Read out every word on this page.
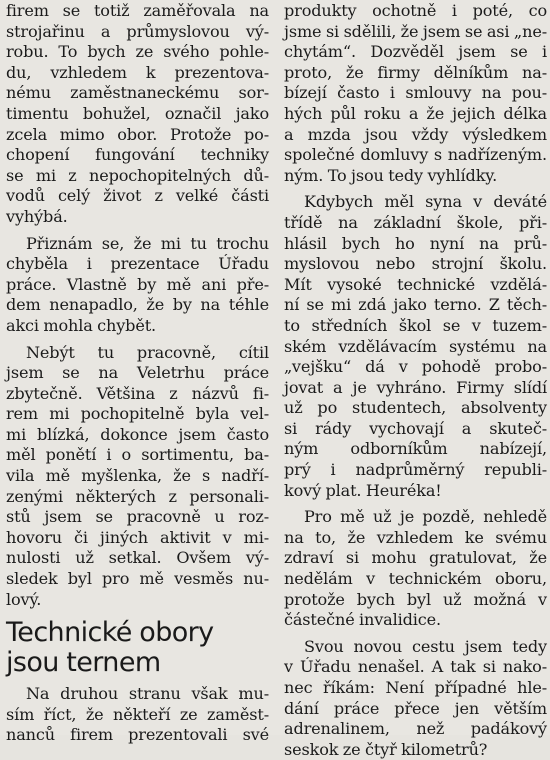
firem se totiž zaměřovala na
strojařinu a průmyslovou vý-
robu. To bych ze svého pohle-
du, vzhledem k prezentova-
nému zaměstnaneckému sor-
timentu bohužel, označil jako
zcela mimo obor. Protože po-
chopení fungování techniky
se mi z nepochopitelných dů-
vodů celý život z velké části
vyhýbá.

Přiznám se, že mi tu trochu
chyběla i prezentace Úřadu
práce. Vlastně by mě ani pře-
dem nenapadlo, že by na téhle
akci mohla chybět.

Nebýt tu pracovně, cítil
jsem se na Veletrhu práce
zbytečně. Většina z názvů fi-
rem mi pochopitelně byla vel-
mi blízká, dokonce jsem často
měl ponětí i o sortimentu, ba-
vila mě myšlenka, že s nadří-
zenými některých z personali-
stů jsem se pracovně u roz-
hovoru či jiných aktivit v mi-
nulosti už setkal. Ovšem vý-
sledek byl pro mě vesměs nu-
lový.

Technické obory
jsou ternem

Na druhou stranu však mu-
sím říct, že někteří ze zaměst-
nanců firem prezentovali své

produkty ochotně i poté, co
jsme si sdělili, že jsem se asi „ne-
chytám“. Dozvěděl jsem se i
proto, že firmy dělníkům na-
bízejí často i smlouvy na pou-
hých půl roku a že jejich délka
a mzda jsou vždy výsledkem
společné domluvy s nadřízeným.
ným. To jsou tedy vyhlídky.

Kdybych měl syna v deváté
třídě na základní škole, při-
hlásil bych ho nyní na prů-
myslovou nebo strojní školu.
Mít vysoké technické vzdělá-
ní se mi zdá jako terno. Z těch-
to středních škol se v tuzem-
ském vzdělávacím systému na
„vejšku“ dá v pohodě probo-
jovat a je vyhráno. Firmy slídí
už po studentech, absolventy
si rády vychovají a skuteč-
ným odborníkům nabízejí,
prý i nadprůměrný republi-
kový plat. Heuréka!

Pro mě už je pozdě, nehledě
na to, že vzhledem ke svému
zdraví si mohu gratulovat, že
nedělám v technickém oboru,
protože bych byl už možná v
částečné invalidice.

Svou novou cestu jsem tedy
v Úřadu nenašel. A tak si nako-
nec říkám: Není případné hle-
dání práce přece jen větším
adrenalinem, než padákový
seskok ze čtyř kilometrů?
